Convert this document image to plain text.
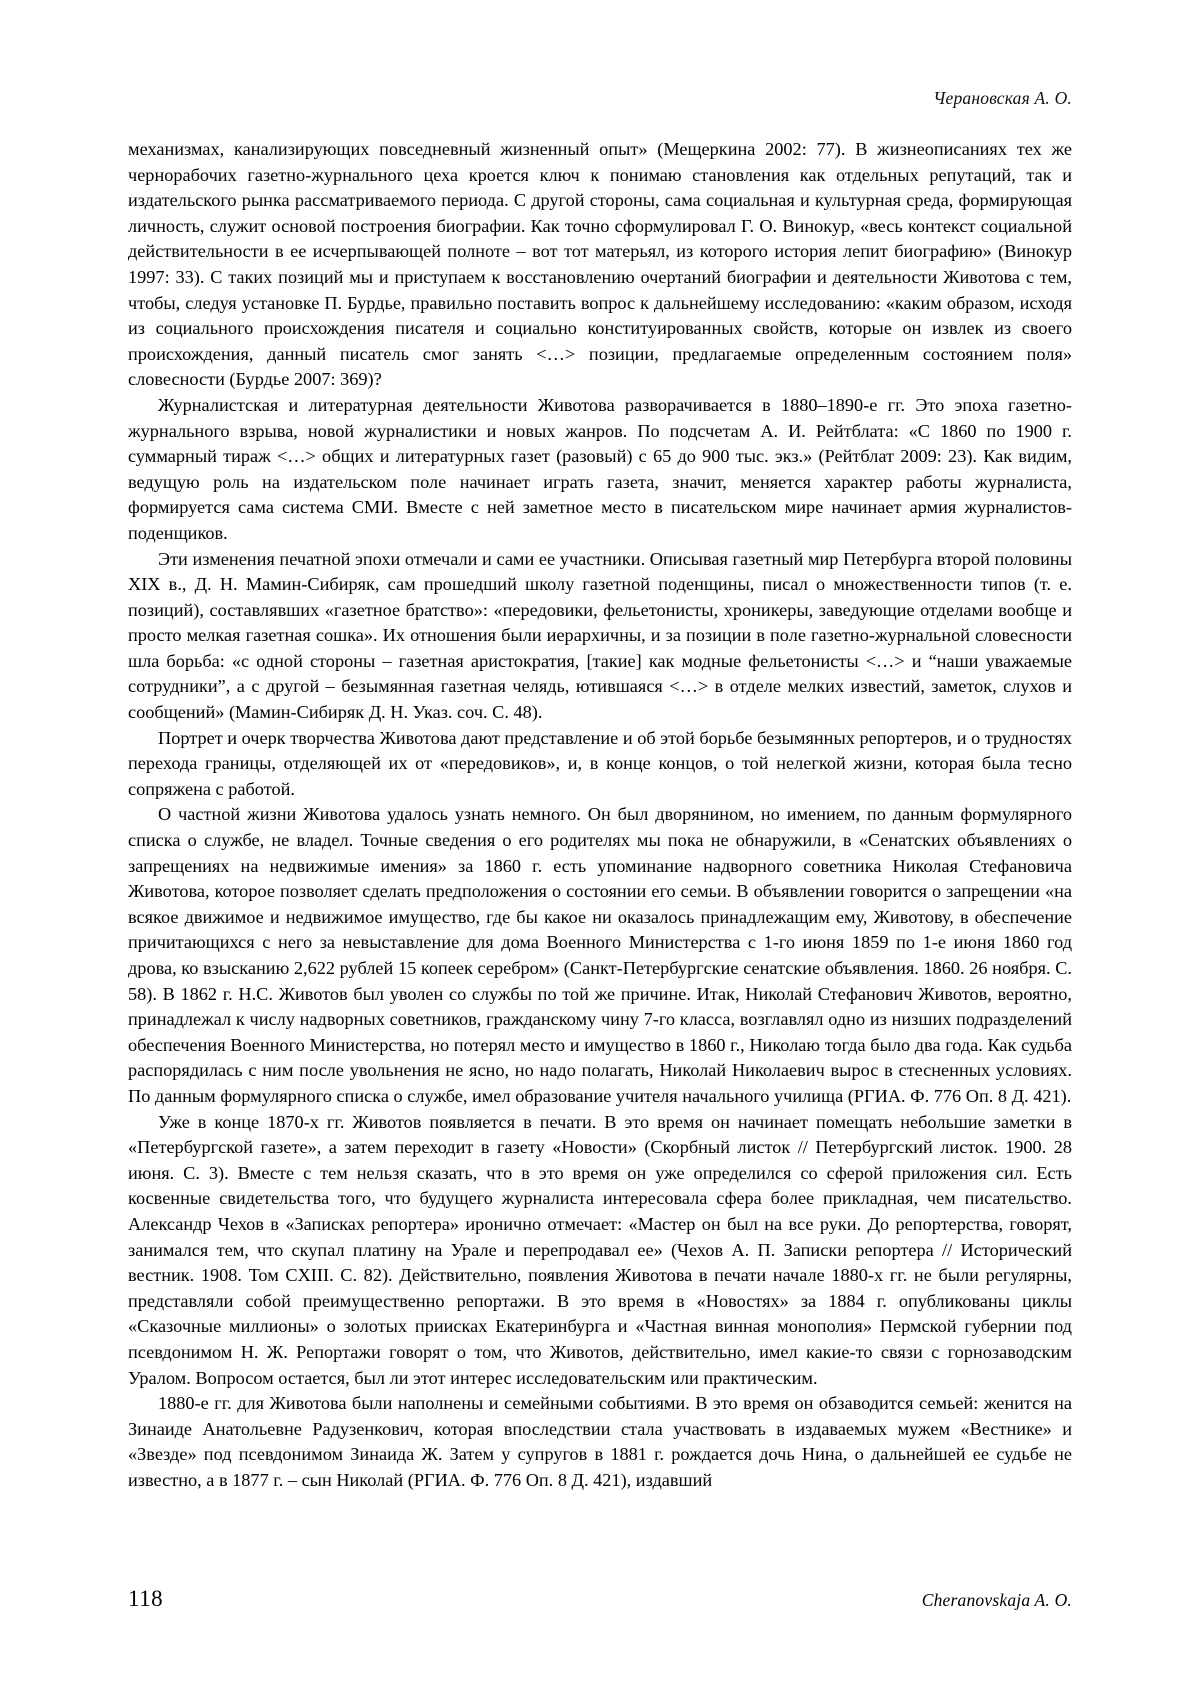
Черановская А. О.

механизмах, канализирующих повседневный жизненный опыт» (Мещеркина 2002: 77). В жизнеописаниях тех же чернорабочих газетно-журнального цеха кроется ключ к понимаю становления как отдельных репутаций, так и издательского рынка рассматриваемого периода. С другой стороны, сама социальная и культурная среда, формирующая личность, служит основой построения биографии. Как точно сформулировал Г. О. Винокур, «весь контекст социальной действительности в ее исчерпывающей полноте – вот тот матерьял, из которого история лепит биографию» (Винокур 1997: 33). С таких позиций мы и приступаем к восстановлению очертаний биографии и деятельности Животова с тем, чтобы, следуя установке П. Бурдье, правильно поставить вопрос к дальнейшему исследованию: «каким образом, исходя из социального происхождения писателя и социально конституированных свойств, которые он извлек из своего происхождения, данный писатель смог занять <…> позиции, предлагаемые определенным состоянием поля» словесности (Бурдье 2007: 369)?

Журналистская и литературная деятельности Животова разворачивается в 1880–1890-е гг. Это эпоха газетно-журнального взрыва, новой журналистики и новых жанров. По подсчетам А. И. Рейтблата: «С 1860 по 1900 г. суммарный тираж <…> общих и литературных газет (разовый) с 65 до 900 тыс. экз.» (Рейтблат 2009: 23). Как видим, ведущую роль на издательском поле начинает играть газета, значит, меняется характер работы журналиста, формируется сама система СМИ. Вместе с ней заметное место в писательском мире начинает армия журналистов-поденщиков.

Эти изменения печатной эпохи отмечали и сами ее участники. Описывая газетный мир Петербурга второй половины XIX в., Д. Н. Мамин-Сибиряк, сам прошедший школу газетной поденщины, писал о множественности типов (т. е. позиций), составлявших «газетное братство»: «передовики, фельетонисты, хроникеры, заведующие отделами вообще и просто мелкая газетная сошка». Их отношения были иерархичны, и за позиции в поле газетно-журнальной словесности шла борьба: «с одной стороны – газетная аристократия, [такие] как модные фельетонисты <…> и “наши уважаемые сотрудники”, а с другой – безымянная газетная челядь, ютившаяся <…> в отделе мелких известий, заметок, слухов и сообщений» (Мамин-Сибиряк Д. Н. Указ. соч. С. 48).

Портрет и очерк творчества Животова дают представление и об этой борьбе безымянных репортеров, и о трудностях перехода границы, отделяющей их от «передовиков», и, в конце концов, о той нелегкой жизни, которая была тесно сопряжена с работой.

О частной жизни Животова удалось узнать немного. Он был дворянином, но имением, по данным формулярного списка о службе, не владел. Точные сведения о его родителях мы пока не обнаружили, в «Сенатских объявлениях о запрещениях на недвижимые имения» за 1860 г. есть упоминание надворного советника Николая Стефановича Животова, которое позволяет сделать предположения о состоянии его семьи. В объявлении говорится о запрещении «на всякое движимое и недвижимое имущество, где бы какое ни оказалось принадлежащим ему, Животову, в обеспечение причитающихся с него за невыставление для дома Военного Министерства с 1-го июня 1859 по 1-е июня 1860 год дрова, ко взысканию 2,622 рублей 15 копеек серебром» (Санкт-Петербургские сенатские объявления. 1860. 26 ноября. С. 58). В 1862 г. Н.С. Животов был уволен со службы по той же причине. Итак, Николай Стефанович Животов, вероятно, принадлежал к числу надворных советников, гражданскому чину 7-го класса, возглавлял одно из низших подразделений обеспечения Военного Министерства, но потерял место и имущество в 1860 г., Николаю тогда было два года. Как судьба распорядилась с ним после увольнения не ясно, но надо полагать, Николай Николаевич вырос в стесненных условиях. По данным формулярного списка о службе, имел образование учителя начального училища (РГИА. Ф. 776 Оп. 8 Д. 421).

Уже в конце 1870-х гг. Животов появляется в печати. В это время он начинает помещать небольшие заметки в «Петербургской газете», а затем переходит в газету «Новости» (Скорбный листок // Петербургский листок. 1900. 28 июня. С. 3). Вместе с тем нельзя сказать, что в это время он уже определился со сферой приложения сил. Есть косвенные свидетельства того, что будущего журналиста интересовала сфера более прикладная, чем писательство. Александр Чехов в «Записках репортера» иронично отмечает: «Мастер он был на все руки. До репортерства, говорят, занимался тем, что скупал платину на Урале и перепродавал ее» (Чехов А. П. Записки репортера // Исторический вестник. 1908. Том CXIII. С. 82). Действительно, появления Животова в печати начале 1880-х гг. не были регулярны, представляли собой преимущественно репортажи. В это время в «Новостях» за 1884 г. опубликованы циклы «Сказочные миллионы» о золотых приисках Екатеринбурга и «Частная винная монополия» Пермской губернии под псевдонимом Н. Ж. Репортажи говорят о том, что Животов, действительно, имел какие-то связи с горнозаводским Уралом. Вопросом остается, был ли этот интерес исследовательским или практическим.

1880-е гг. для Животова были наполнены и семейными событиями. В это время он обзаводится семьей: женится на Зинаиде Анатольевне Радузенкович, которая впоследствии стала участвовать в издаваемых мужем «Вестнике» и «Звезде» под псевдонимом Зинаида Ж. Затем у супругов в 1881 г. рождается дочь Нина, о дальнейшей ее судьбе не известно, а в 1877 г. – сын Николай (РГИА. Ф. 776 Оп. 8 Д. 421), издавший

118	Cheranovskaja A. O.
